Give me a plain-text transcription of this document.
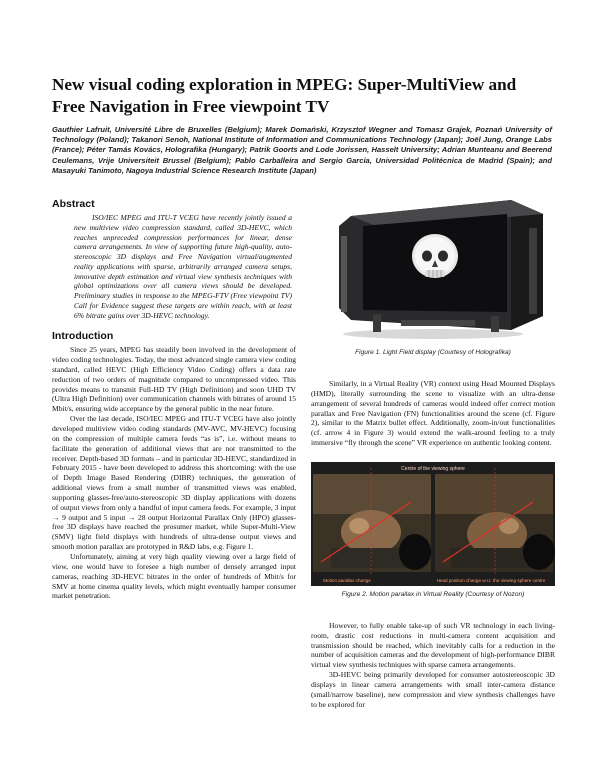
New visual coding exploration in MPEG: Super-MultiView and Free Navigation in Free viewpoint TV
Gauthier Lafruit, Université Libre de Bruxelles (Belgium); Marek Domański, Krzysztof Wegner and Tomasz Grajek, Poznań University of Technology (Poland); Takanori Senoh, National Institute of Information and Communications Technology (Japan); Joël Jung, Orange Labs (France); Péter Tamás Kovács, Holografika (Hungary); Patrik Goorts and Lode Jorissen, Hasselt University; Adrian Munteanu and Beerend Ceulemans, Vrije Universiteit Brussel (Belgium); Pablo Carballeira and Sergio García, Universidad Politécnica de Madrid (Spain); and Masayuki Tanimoto, Nagoya Industrial Science Research Institute (Japan)
Abstract

ISO/IEC MPEG and ITU-T VCEG have recently jointly issued a new multiview video compression standard, called 3D-HEVC, which reaches unpreceded compression performances for linear, dense camera arrangements. In view of supporting future high-quality, auto-stereoscopic 3D displays and Free Navigation virtual/augmented reality applications with sparse, arbitrarily arranged camera setups, innovative depth estimation and virtual view synthesis techniques with global optimizations over all camera views should be developed. Preliminary studies in response to the MPEG-FTV (Free viewpoint TV) Call for Evidence suggest these targets are within reach, with at least 6% bitrate gains over 3D-HEVC technology.

Introduction

Since 25 years, MPEG has steadily been involved in the development of video coding technologies. Today, the most advanced single camera view coding standard, called HEVC (High Efficiency Video Coding) offers a data rate reduction of two orders of magnitude compared to uncompressed video. This provides means to transmit Full-HD TV (High Definition) and soon UHD TV (Ultra High Definition) over communication channels with bitrates of around 15 Mbit/s, ensuring wide acceptance by the general public in the near future.

Over the last decade, ISO/IEC MPEG and ITU-T VCEG have also jointly developed multiview video coding standards (MV-AVC, MV-HEVC) focusing on the compression of multiple camera feeds “as is”, i.e. without means to facilitate the generation of additional views that are not transmitted to the receiver. Depth-based 3D formats – and in particular 3D-HEVC, standardized in February 2015 - have been developed to address this shortcoming: with the use of Depth Image Based Rendering (DIBR) techniques, the generation of additional views from a small number of transmitted views was enabled, supporting glasses-free/auto-stereoscopic 3D display applications with dozens of output views from only a handful of input camera feeds. For example, 3 input → 9 output and 5 input → 28 output Horizontal Parallax Only (HPO) glasses-free 3D displays have reached the prosumer market, while Super-Multi-View (SMV) light field displays with hundreds of ultra-dense output views and smooth motion parallax are prototyped in R&D labs, e.g. Figure 1.

Unfortunately, aiming at very high quality viewing over a large field of view, one would have to foresee a high number of densely arranged input cameras, reaching 3D-HEVC bitrates in the order of hundreds of Mbit/s for SMV at home cinema quality levels, which might eventually hamper consumer market penetration.

Figure 1. Light Field display (Courtesy of Holografika)

Similarly, in a Virtual Reality (VR) context using Head Mounted Displays (HMD), literally surrounding the scene to visualize with an ultra-dense arrangement of several hundreds of cameras would indeed offer correct motion parallax and Free Navigation (FN) functionalities around the scene (cf. Figure 2), similar to the Matrix bullet effect. Additionally, zoom-in/out functionalities (cf. arrow 4 in Figure 3) would extend the walk-around feeling to a truly immersive “fly through the scene” VR experience on authentic looking content.

Centre of the viewing sphere
Motion parallax change	Head position change w.r.t. the viewing sphere centre
Figure 2. Motion parallax in Virtual Reality (Courtesy of Nozon)

However, to fully enable take-up of such VR technology in each living-room, drastic cost reductions in multi-camera content acquisition and transmission should be reached, which inevitably calls for a reduction in the number of acquisition cameras and the development of high-performance DIBR virtual view synthesis techniques with sparse camera arrangements.

3D-HEVC being primarily developed for consumer autostereoscopic 3D displays in linear camera arrangements with small inter-camera distance (small/narrow baseline), new compression and view synthesis challenges have to be explored for
